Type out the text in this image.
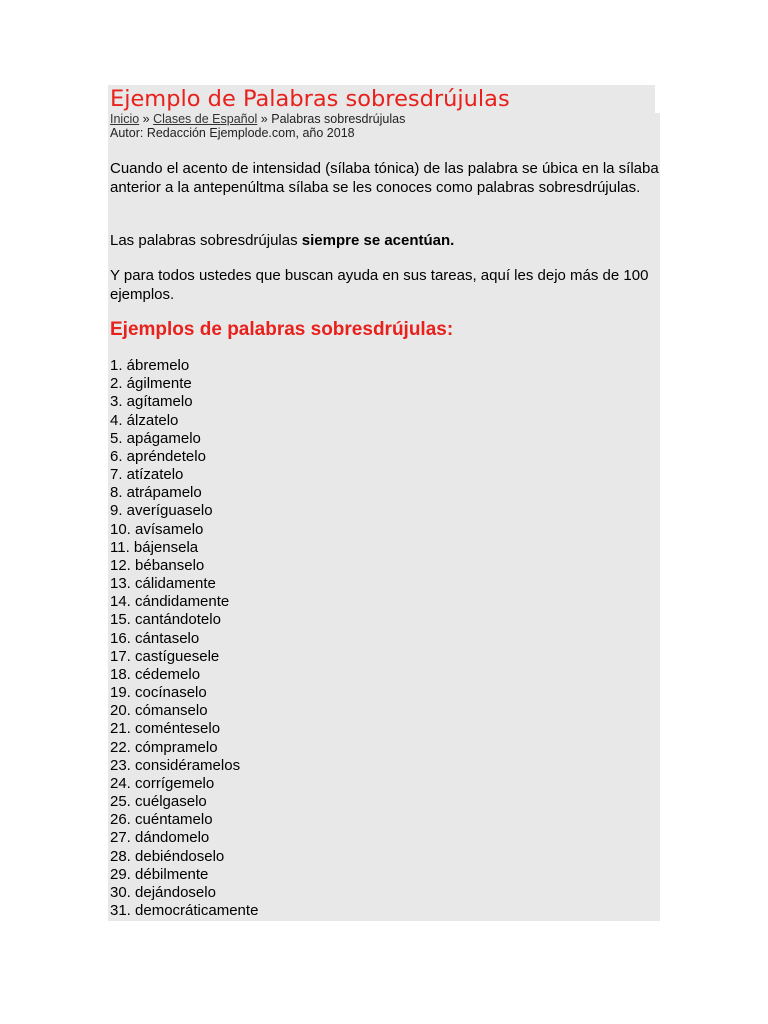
Ejemplo de Palabras sobresdrújulas
Inicio » Clases de Español » Palabras sobresdrújulas
Autor: Redacción Ejemplode.com, año 2018

Cuando el acento de intensidad (sílaba tónica) de las palabra se úbica en la sílaba anterior a la antepenúltma sílaba se les conoces como palabras sobresdrújulas.

Las palabras sobresdrújulas siempre se acentúan.

Y para todos ustedes que buscan ayuda en sus tareas, aquí les dejo más de 100 ejemplos.

Ejemplos de palabras sobresdrújulas:
1. ábremelo
2. ágilmente
3. agítamelo
4. álzatelo
5. apágamelo
6. apréndetelo
7. atízatelo
8. atrápamelo
9. averíguaselo
10. avísamelo
11. bájensela
12. bébanselo
13. cálidamente
14. cándidamente
15. cantándotelo
16. cántaselo
17. castíguesele
18. cédemelo
19. cocínaselo
20. cómanselo
21. coménteselo
22. cómpramelo
23. considéramelos
24. corrígemelo
25. cuélgaselo
26. cuéntamelo
27. dándomelo
28. debiéndoselo
29. débilmente
30. dejándoselo
31. democráticamente
